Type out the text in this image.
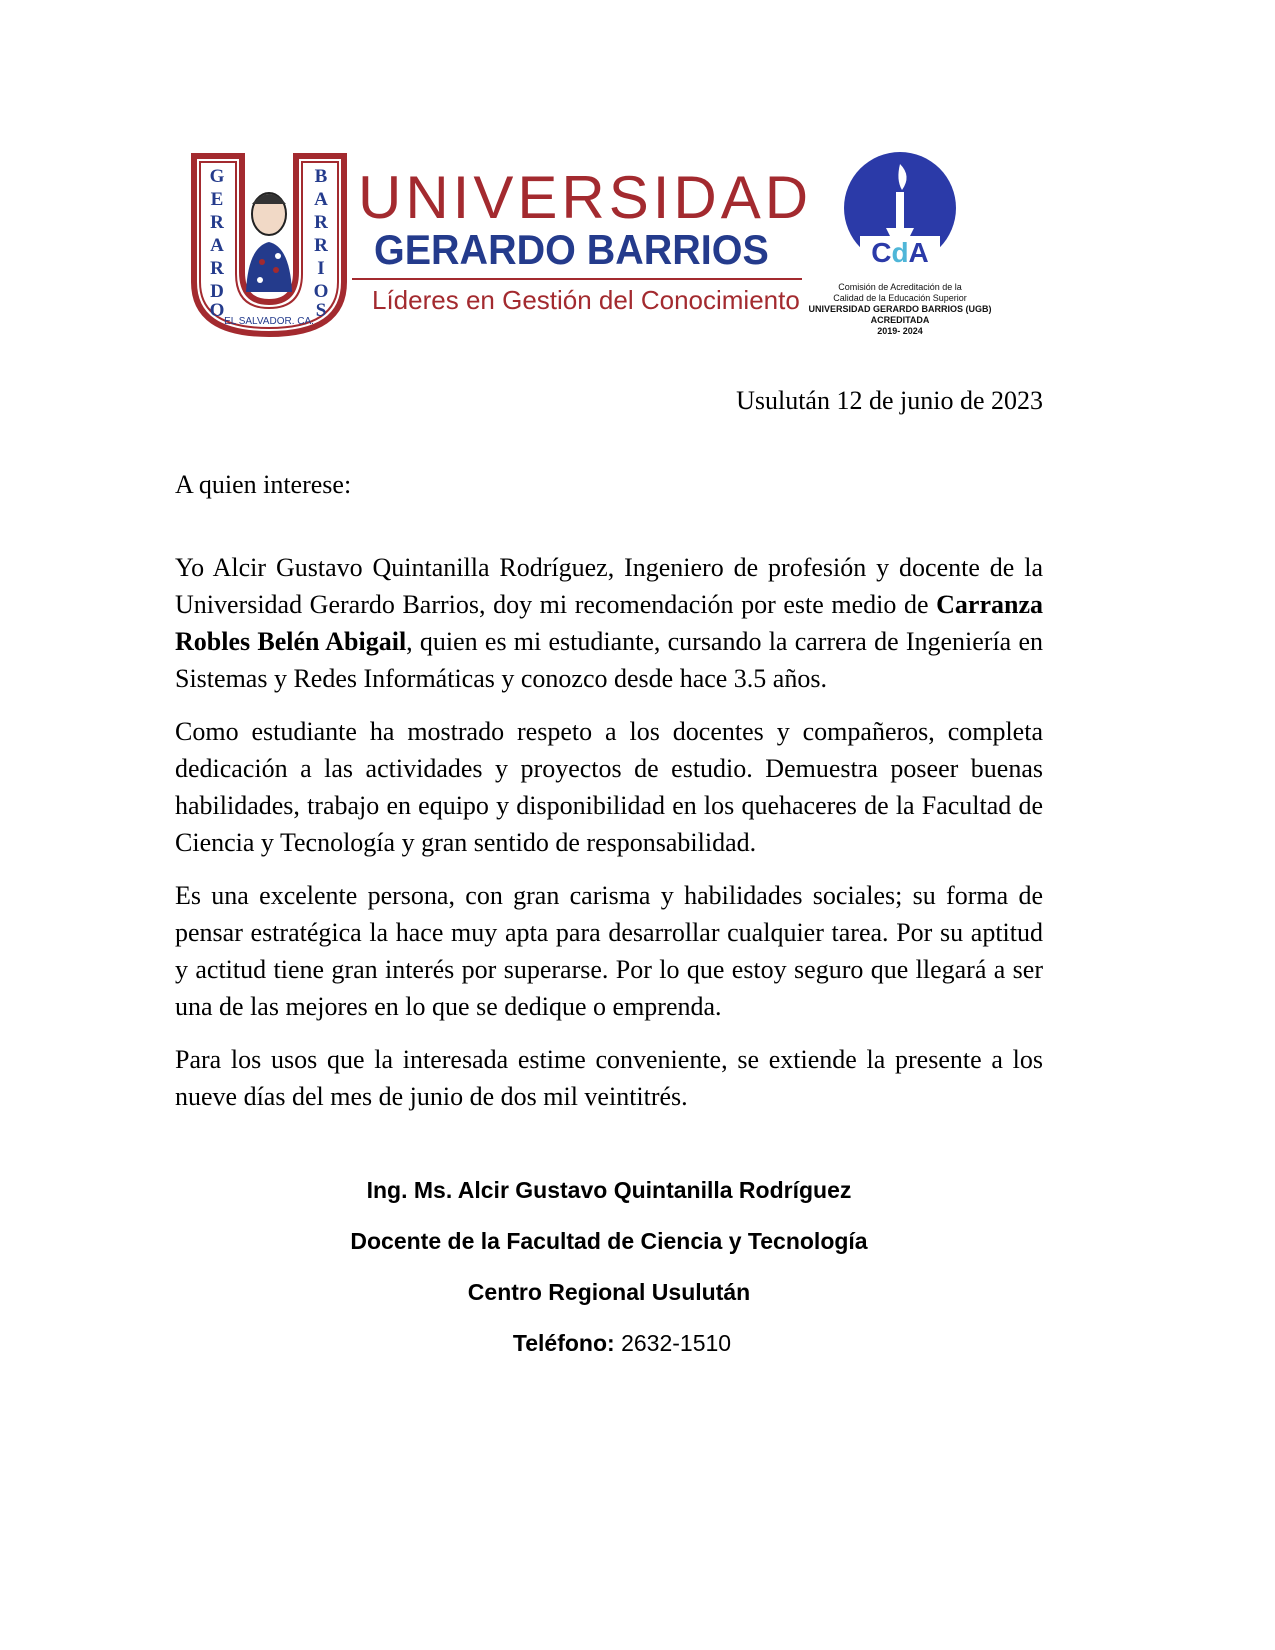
G
E
R
A
R
D
O
B
A
R
R
I
O
S
EL SALVADOR. CA.
UNIVERSIDAD
GERARDO BARRIOS
Líderes en Gestión del Conocimiento
CdA
Comisión de Acreditación de la
Calidad de la Educación Superior
UNIVERSIDAD GERARDO BARRIOS (UGB)
ACREDITADA
2019- 2024
Usulután 12 de junio de 2023

A quien interese:

Yo Alcir Gustavo Quintanilla Rodríguez, Ingeniero de profesión y docente de la Universidad Gerardo Barrios, doy mi recomendación por este medio de Carranza Robles Belén Abigail, quien es mi estudiante, cursando la carrera de Ingeniería en Sistemas y Redes Informáticas y conozco desde hace 3.5 años.

Como estudiante ha mostrado respeto a los docentes y compañeros, completa dedicación a las actividades y proyectos de estudio. Demuestra poseer buenas habilidades, trabajo en equipo y disponibilidad en los quehaceres de la Facultad de Ciencia y Tecnología y gran sentido de responsabilidad.

Es una excelente persona, con gran carisma y habilidades sociales; su forma de pensar estratégica la hace muy apta para desarrollar cualquier tarea. Por su aptitud y actitud tiene gran interés por superarse. Por lo que estoy seguro que llegará a ser una de las mejores en lo que se dedique o emprenda.

Para los usos que la interesada estime conveniente, se extiende la presente a los nueve días del mes de junio de dos mil veintitrés.

Ing. Ms. Alcir Gustavo Quintanilla Rodríguez
Docente de la Facultad de Ciencia y Tecnología
Centro Regional Usulután
Teléfono: 2632-1510
